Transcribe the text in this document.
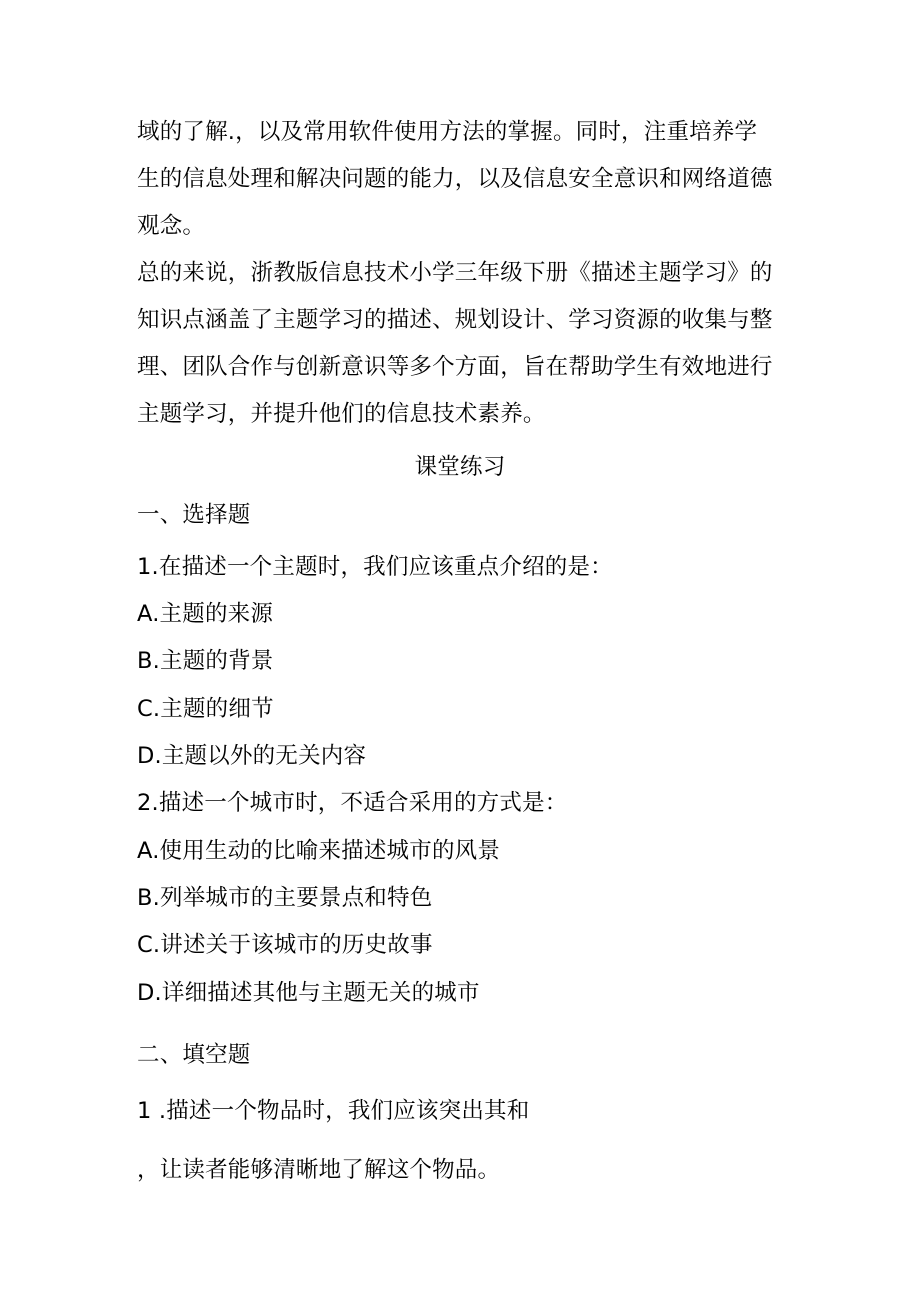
域的了解.，以及常用软件使用方法的掌握。同时，注重培养学
生的信息处理和解决问题的能力，以及信息安全意识和网络道德
观念。
总的来说，浙教版信息技术小学三年级下册《描述主题学习》的
知识点涵盖了主题学习的描述、规划设计、学习资源的收集与整
理、团队合作与创新意识等多个方面，旨在帮助学生有效地进行
主题学习，并提升他们的信息技术素养。
课堂练习
一、选择题
1.在描述一个主题时，我们应该重点介绍的是：
A.主题的来源
B.主题的背景
C.主题的细节
D.主题以外的无关内容
2.描述一个城市时，不适合采用的方式是：
A.使用生动的比喻来描述城市的风景
B.列举城市的主要景点和特色
C.讲述关于该城市的历史故事
D.详细描述其他与主题无关的城市
二、填空题
1 .描述一个物品时，我们应该突出其和
，让读者能够清晰地了解这个物品。
